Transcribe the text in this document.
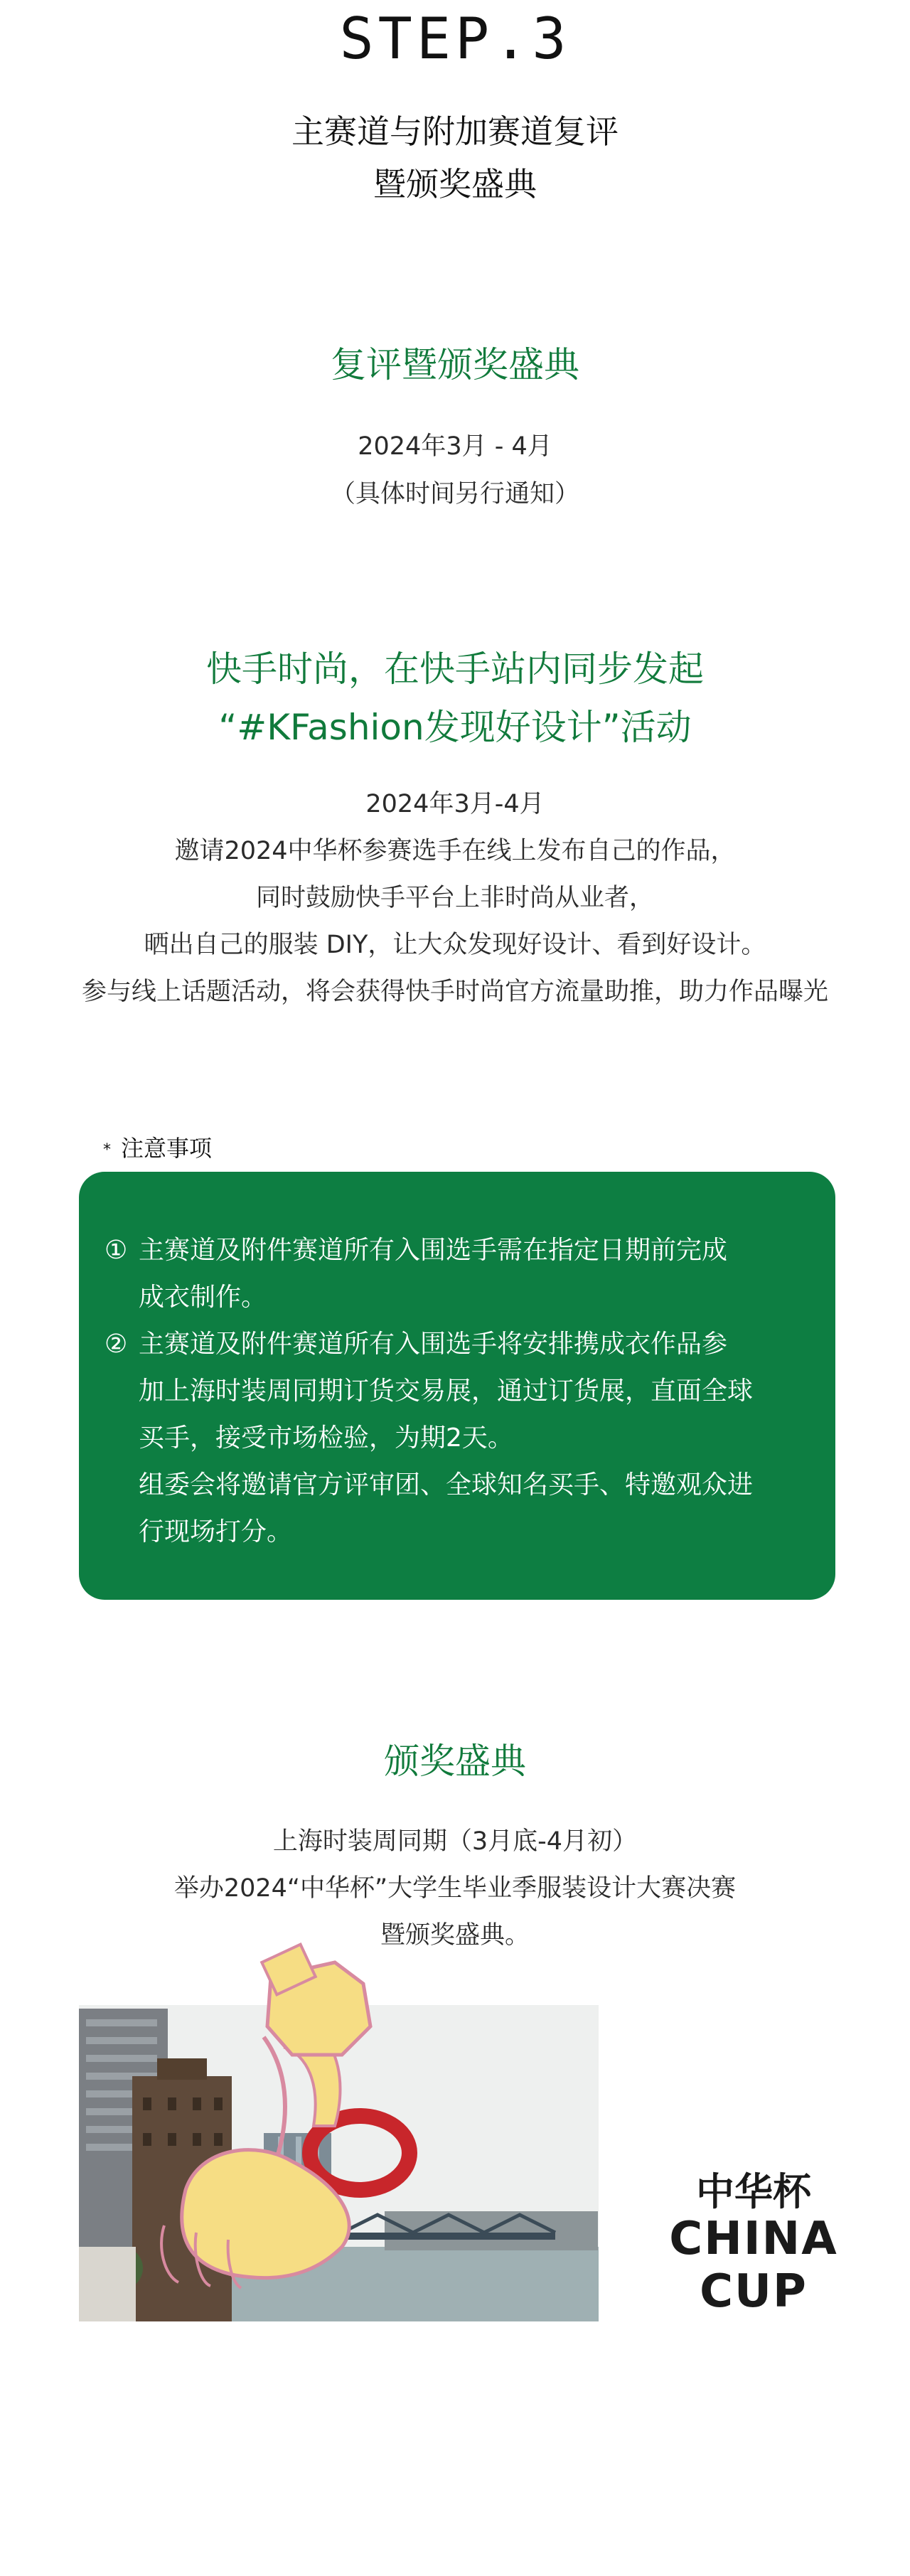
STEP.3
主赛道与附加赛道复评
暨颁奖盛典
复评暨颁奖盛典
2024年3月 - 4月
（具体时间另行通知）
快手时尚，在快手站内同步发起
“#KFashion发现好设计”活动
2024年3月-4月
邀请2024中华杯参赛选手在线上发布自己的作品，
同时鼓励快手平台上非时尚从业者，
晒出自己的服装 DIY，让大众发现好设计、看到好设计。
参与线上话题活动，将会获得快手时尚官方流量助推，助力作品曝光
* 注意事项
① 主赛道及附件赛道所有入围选手需在指定日期前完成
成衣制作。
② 主赛道及附件赛道所有入围选手将安排携成衣作品参
加上海时装周同期订货交易展，通过订货展，直面全球
买手，接受市场检验，为期2天。
组委会将邀请官方评审团、全球知名买手、特邀观众进
行现场打分。
颁奖盛典
上海时装周同期（3月底-4月初）
举办2024“中华杯”大学生毕业季服装设计大赛决赛
暨颁奖盛典。
中华杯
CHINA
CUP
